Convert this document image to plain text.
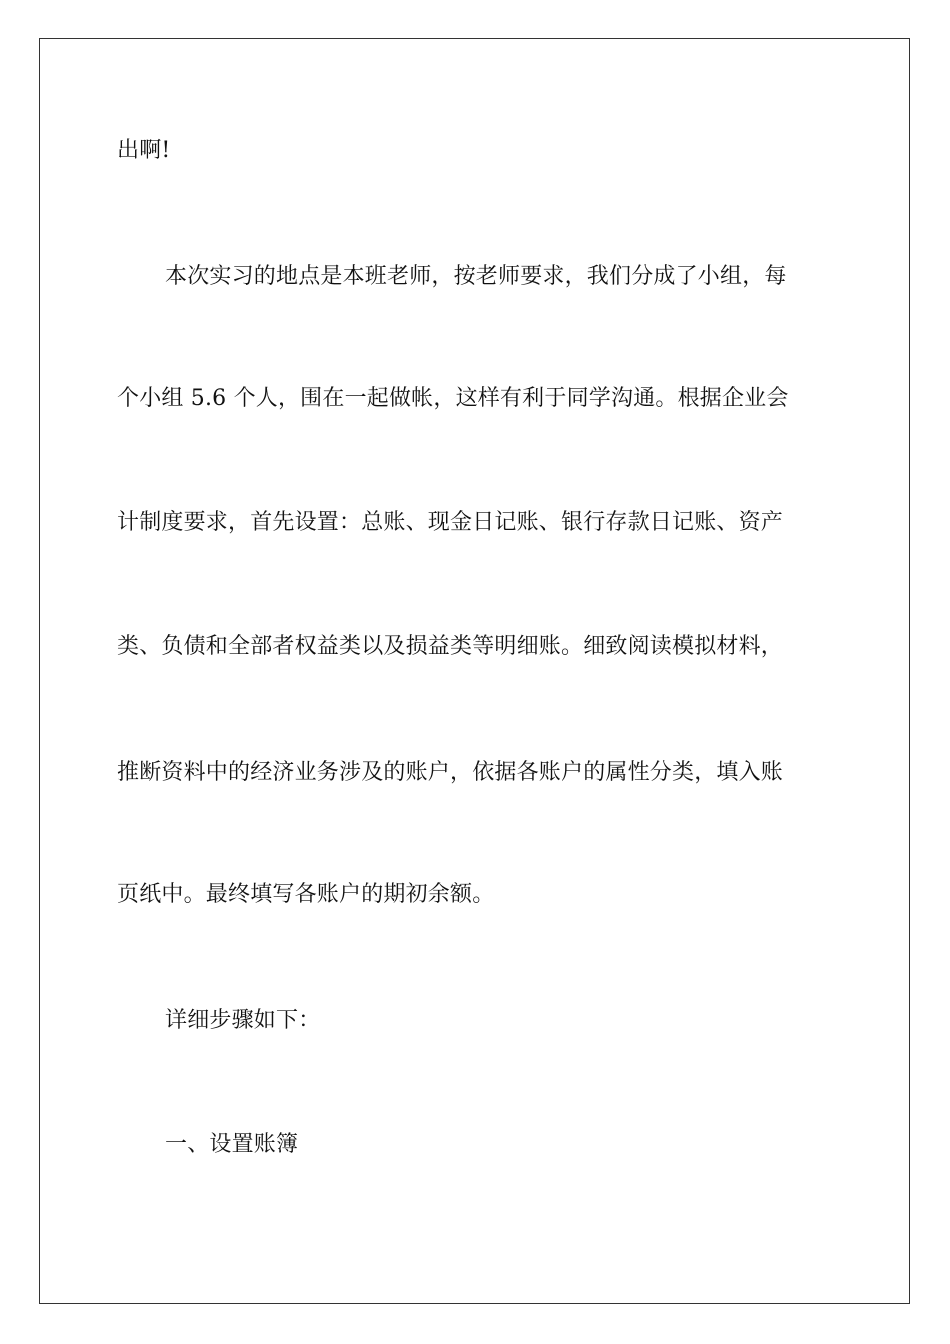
出啊!
本次实习的地点是本班老师，按老师要求，我们分成了小组，每
个小组 5.6 个人，围在一起做帐，这样有利于同学沟通。根据企业会
计制度要求，首先设置：总账、现金日记账、银行存款日记账、资产
类、负债和全部者权益类以及损益类等明细账。细致阅读模拟材料，
推断资料中的经济业务涉及的账户，依据各账户的属性分类，填入账
页纸中。最终填写各账户的期初余额。
详细步骤如下：
一、设置账簿
